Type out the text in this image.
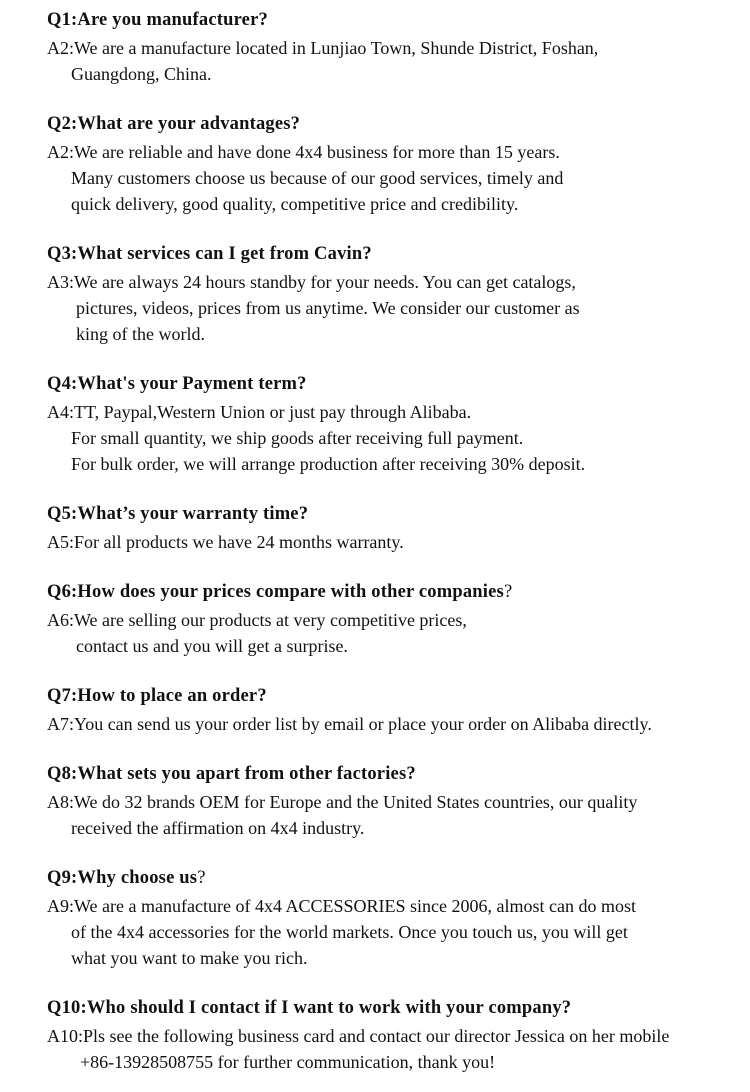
Q1:Are you manufacturer?
A2:We are a manufacture located in Lunjiao Town, Shunde District, Foshan,
Guangdong, China.
Q2:What are your advantages?
A2:We are reliable and have done 4x4 business for more than 15 years.
Many customers choose us because of our good services, timely and
quick delivery, good quality, competitive price and credibility.
Q3:What services can I get from Cavin?
A3:We are always 24 hours standby for your needs. You can get catalogs,
pictures, videos, prices from us anytime. We consider our customer as
king of the world.
Q4:What's your Payment term?
A4:TT, Paypal,Western Union or just pay through Alibaba.
For small quantity, we ship goods after receiving full payment.
For bulk order, we will arrange production after receiving 30% deposit.
Q5:What’s your warranty time?
A5:For all products we have 24 months warranty.
Q6:How does your prices compare with other companies?
A6:We are selling our products at very competitive prices,
contact us and you will get a surprise.
Q7:How to place an order?
A7:You can send us your order list by email or place your order on Alibaba directly.
Q8:What sets you apart from other factories?
A8:We do 32 brands OEM for Europe and the United States countries, our quality
received the affirmation on 4x4 industry.
Q9:Why choose us?
A9:We are a manufacture of 4x4 ACCESSORIES since 2006, almost can do most
of the 4x4 accessories for the world markets. Once you touch us, you will get
what you want to make you rich.
Q10:Who should I contact if I want to work with your company?
A10:Pls see the following business card and contact our director Jessica on her mobile
+86-13928508755 for further communication, thank you!
